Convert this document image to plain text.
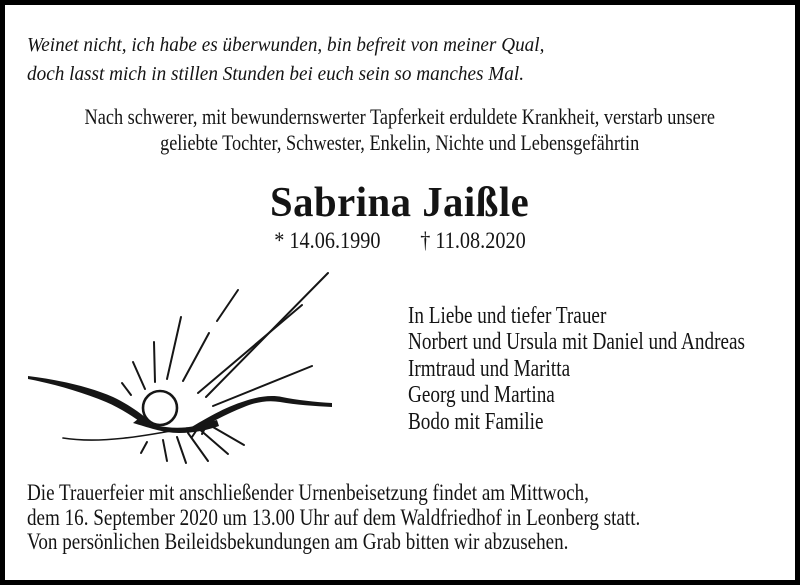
Weinet nicht, ich habe es überwunden, bin befreit von meiner Qual,
doch lasst mich in stillen Stunden bei euch sein so manches Mal.
Nach schwerer, mit bewundernswerter Tapferkeit erduldete Krankheit, verstarb unsere
geliebte Tochter, Schwester, Enkelin, Nichte und Lebensgefährtin
Sabrina Jaißle
* 14.06.1990 † 11.08.2020
In Liebe und tiefer Trauer
Norbert und Ursula mit Daniel und Andreas
Irmtraud und Maritta
Georg und Martina
Bodo mit Familie
Die Trauerfeier mit anschließender Urnenbeisetzung findet am Mittwoch,
dem 16. September 2020 um 13.00 Uhr auf dem Waldfriedhof in Leonberg statt.
Von persönlichen Beileidsbekundungen am Grab bitten wir abzusehen.
